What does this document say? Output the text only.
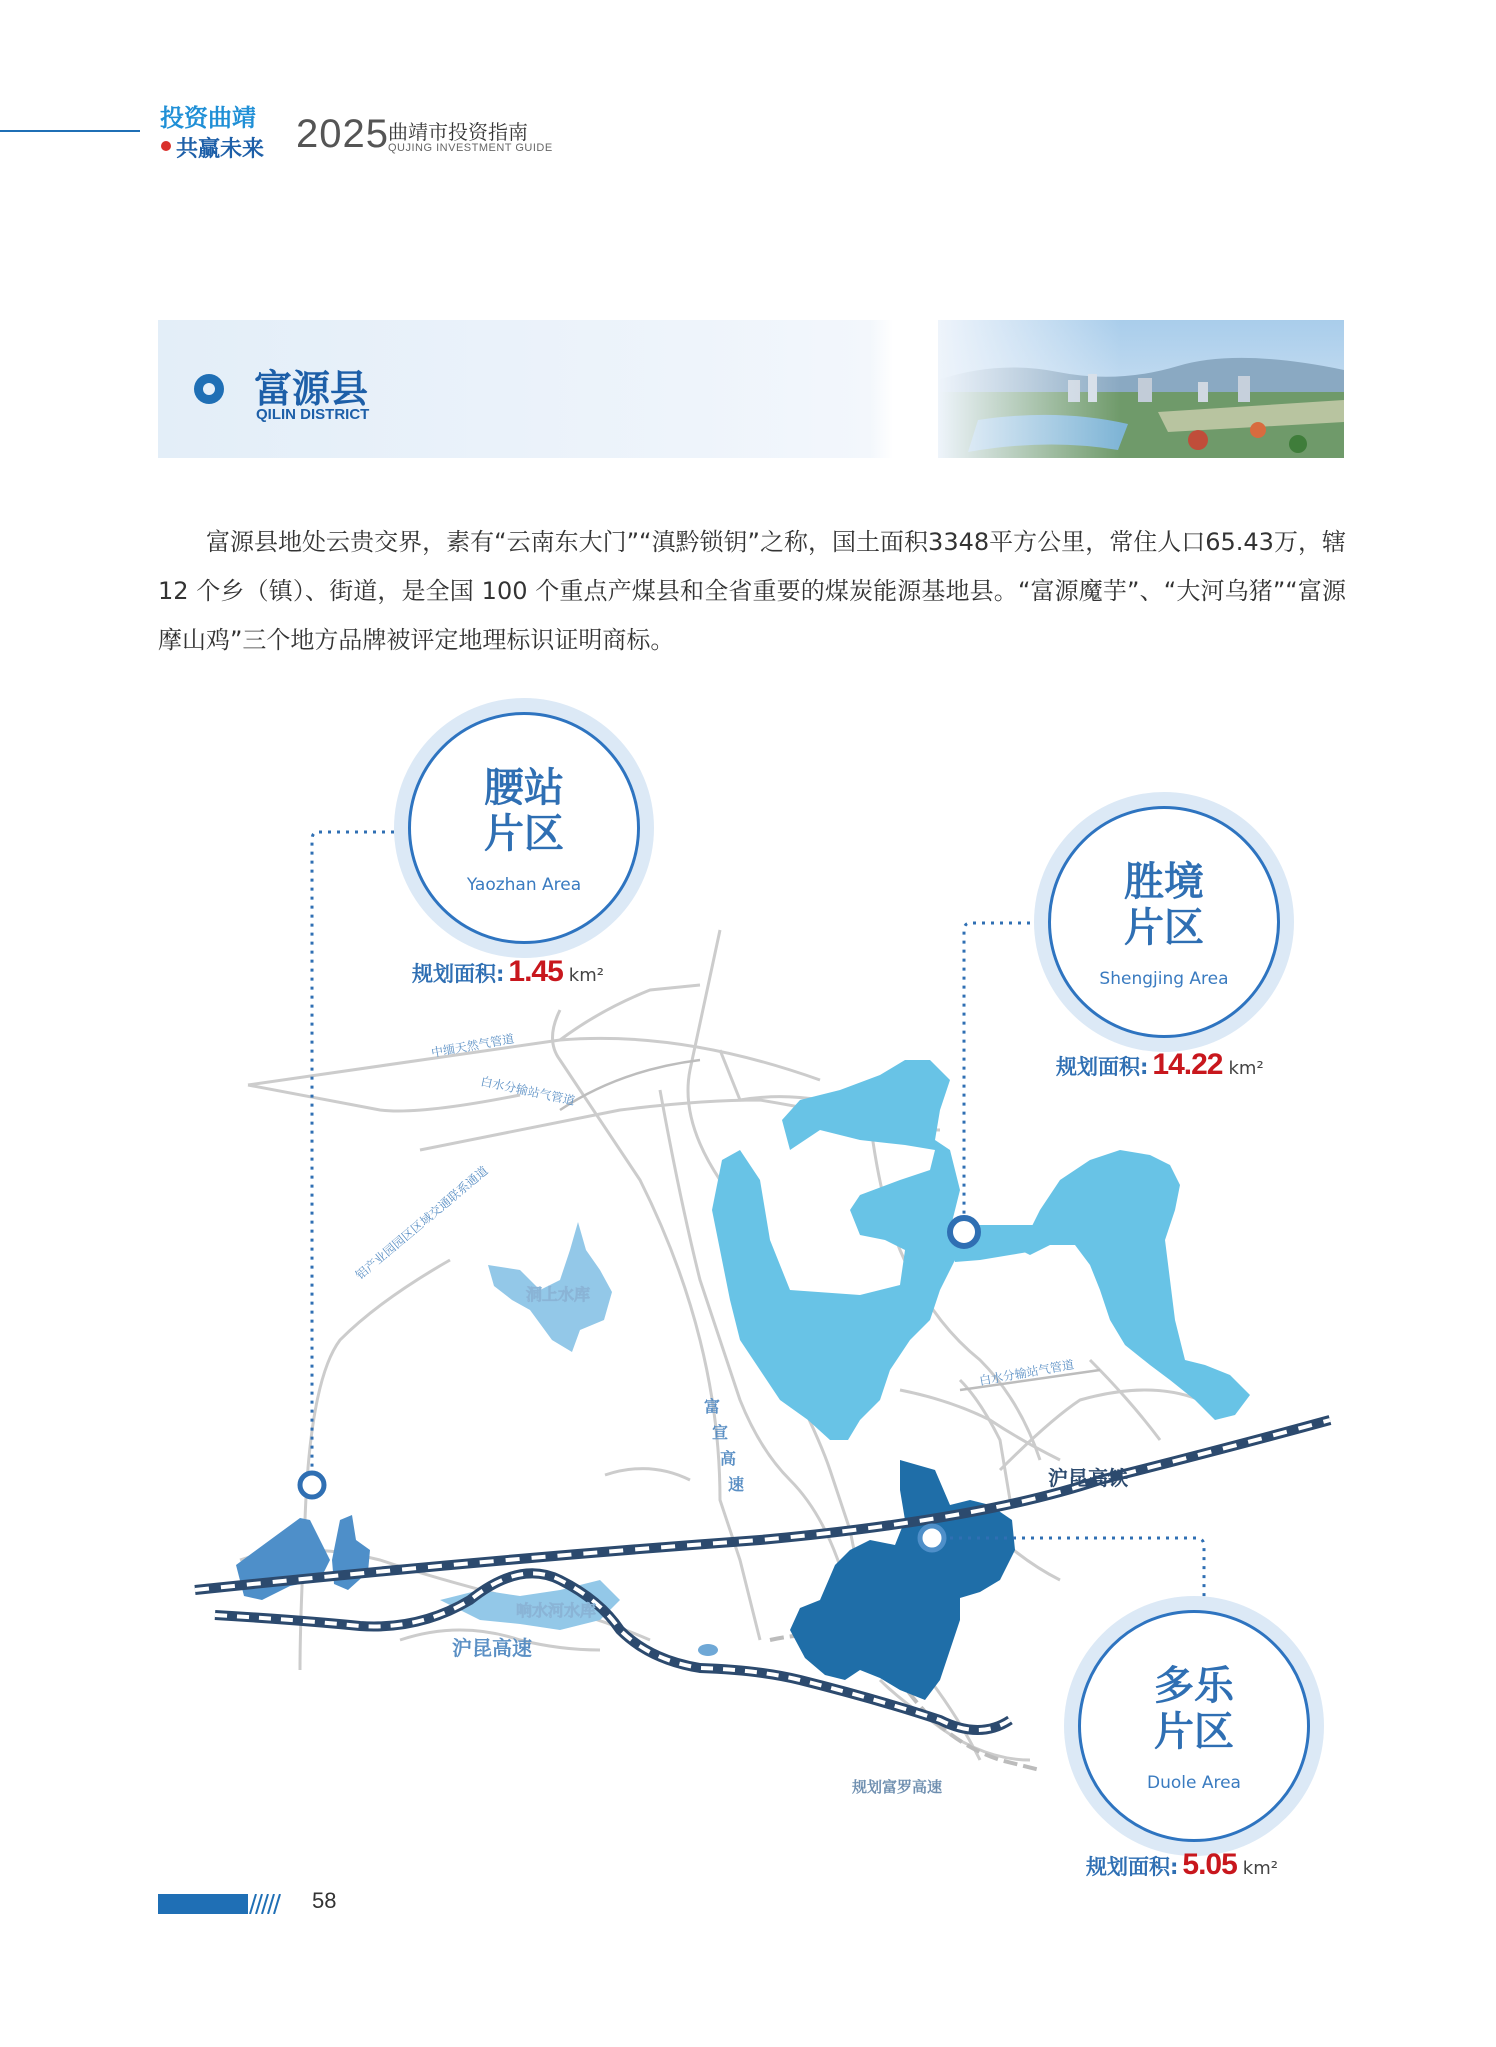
投资曲靖
共赢未来 2025 曲靖市投资指南
QUJING INVESTMENT GUIDE
富源县
QILIN DISTRICT
富源县地处云贵交界，素有“云南东大门”“滇黔锁钥”之称，国土面积3348平方公里，常住人口65.43万，辖 12 个乡（镇）、街道，是全国 100 个重点产煤县和全省重要的煤炭能源基地县。“富源魔芋”、“大河乌猪”“富源摩山鸡”三个地方品牌被评定地理标识证明商标。
中缅天然气管道
白水分输站气管道
铝产业园园区区域交通联系通道
白水分输站气管道
洞上水库
响水河水库
富
宣
高
速	沪昆高铁
沪昆高速
规划富罗高速
腰站
片区
Yaozhan Area
规划面积: 1.45 km²
胜境
片区
Shengjing Area
规划面积: 14.22 km²
多乐
片区
Duole Area
规划面积: 5.05 km²
58
